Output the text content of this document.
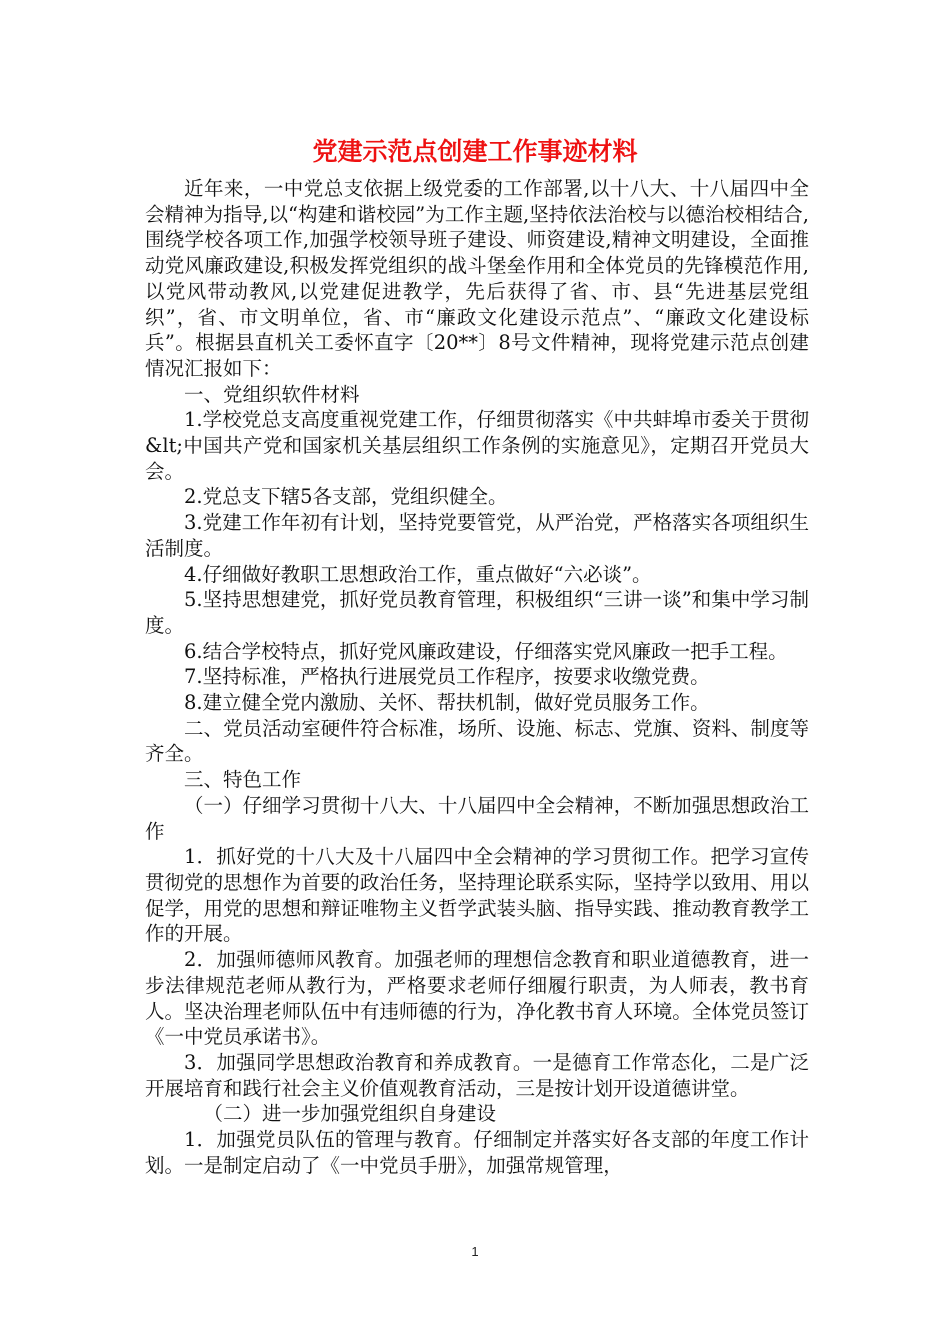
党建示范点创建工作事迹材料

近年来，一中党总支依据上级党委的工作部署,以十八大、十八届四中全会精神为指导,以“构建和谐校园”为工作主题,坚持依法治校与以德治校相结合,围绕学校各项工作,加强学校领导班子建设、师资建设,精神文明建设，全面推动党风廉政建设,积极发挥党组织的战斗堡垒作用和全体党员的先锋模范作用,以党风带动教风,以党建促进教学，先后获得了省、市、县“先进基层党组织”，省、市文明单位，省、市“廉政文化建设示范点”、“廉政文化建设标兵”。根据县直机关工委怀直字〔20**〕8号文件精神，现将党建示范点创建情况汇报如下：

一、党组织软件材料

1.学校党总支高度重视党建工作，仔细贯彻落实《中共蚌埠市委关于贯彻&lt;中国共产党和国家机关基层组织工作条例的实施意见》，定期召开党员大会。

2.党总支下辖5各支部，党组织健全。

3.党建工作年初有计划，坚持党要管党，从严治党，严格落实各项组织生活制度。

4.仔细做好教职工思想政治工作，重点做好“六必谈”。

5.坚持思想建党，抓好党员教育管理，积极组织“三讲一谈”和集中学习制度。

6.结合学校特点，抓好党风廉政建设，仔细落实党风廉政一把手工程。

7.坚持标准，严格执行进展党员工作程序，按要求收缴党费。

8.建立健全党内激励、关怀、帮扶机制，做好党员服务工作。

二、党员活动室硬件符合标准，场所、设施、标志、党旗、资料、制度等齐全。

三、特色工作

（一）仔细学习贯彻十八大、十八届四中全会精神，不断加强思想政治工作

1．抓好党的十八大及十八届四中全会精神的学习贯彻工作。把学习宣传贯彻党的思想作为首要的政治任务，坚持理论联系实际，坚持学以致用、用以促学，用党的思想和辩证唯物主义哲学武装头脑、指导实践、推动教育教学工作的开展。

2．加强师德师风教育。加强老师的理想信念教育和职业道德教育，进一步法律规范老师从教行为，严格要求老师仔细履行职责，为人师表，教书育人。坚决治理老师队伍中有违师德的行为，净化教书育人环境。全体党员签订《一中党员承诺书》。

3．加强同学思想政治教育和养成教育。一是德育工作常态化，二是广泛开展培育和践行社会主义价值观教育活动，三是按计划开设道德讲堂。

（二）进一步加强党组织自身建设

1．加强党员队伍的管理与教育。仔细制定并落实好各支部的年度工作计划。一是制定启动了《一中党员手册》，加强常规管理，

1
